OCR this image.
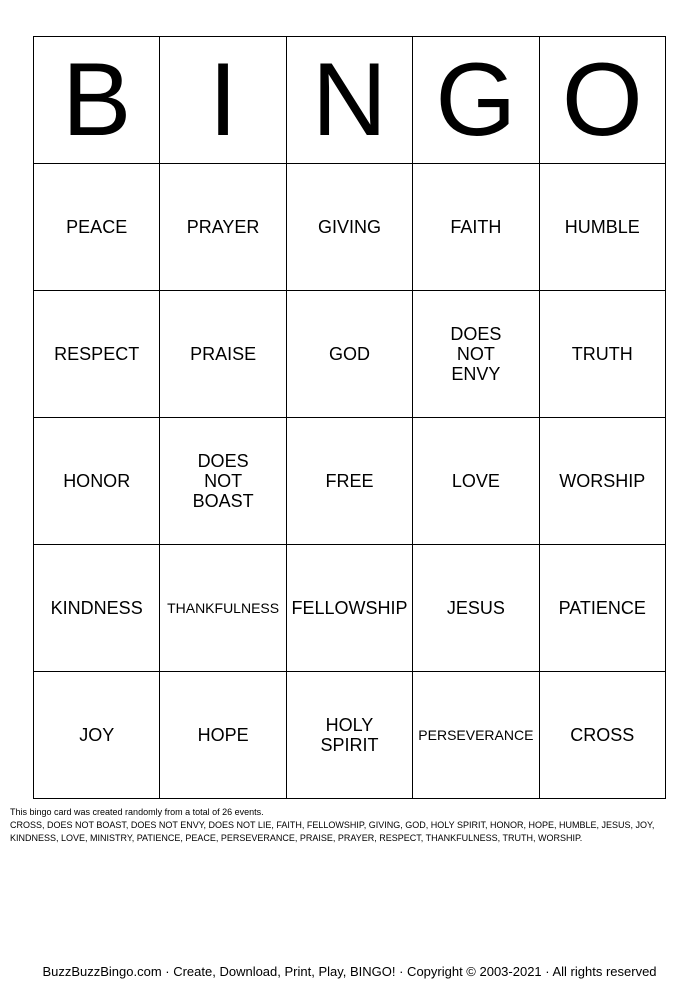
B	I	N	G	O
PEACE	PRAYER	GIVING	FAITH	HUMBLE
RESPECT	PRAISE	GOD	DOES NOT ENVY	TRUTH
HONOR	DOES NOT BOAST	FREE	LOVE	WORSHIP
KINDNESS	THANKFULNESS	FELLOWSHIP	JESUS	PATIENCE
JOY	HOPE	HOLY SPIRIT	PERSEVERANCE	CROSS

This bingo card was created randomly from a total of 26 events.

CROSS, DOES NOT BOAST, DOES NOT ENVY, DOES NOT LIE, FAITH, FELLOWSHIP, GIVING, GOD, HOLY SPIRIT, HONOR, HOPE, HUMBLE, JESUS, JOY, KINDNESS, LOVE, MINISTRY, PATIENCE, PEACE, PERSEVERANCE, PRAISE, PRAYER, RESPECT, THANKFULNESS, TRUTH, WORSHIP.

BuzzBuzzBingo.com · Create, Download, Print, Play, BINGO! · Copyright © 2003-2021 · All rights reserved
